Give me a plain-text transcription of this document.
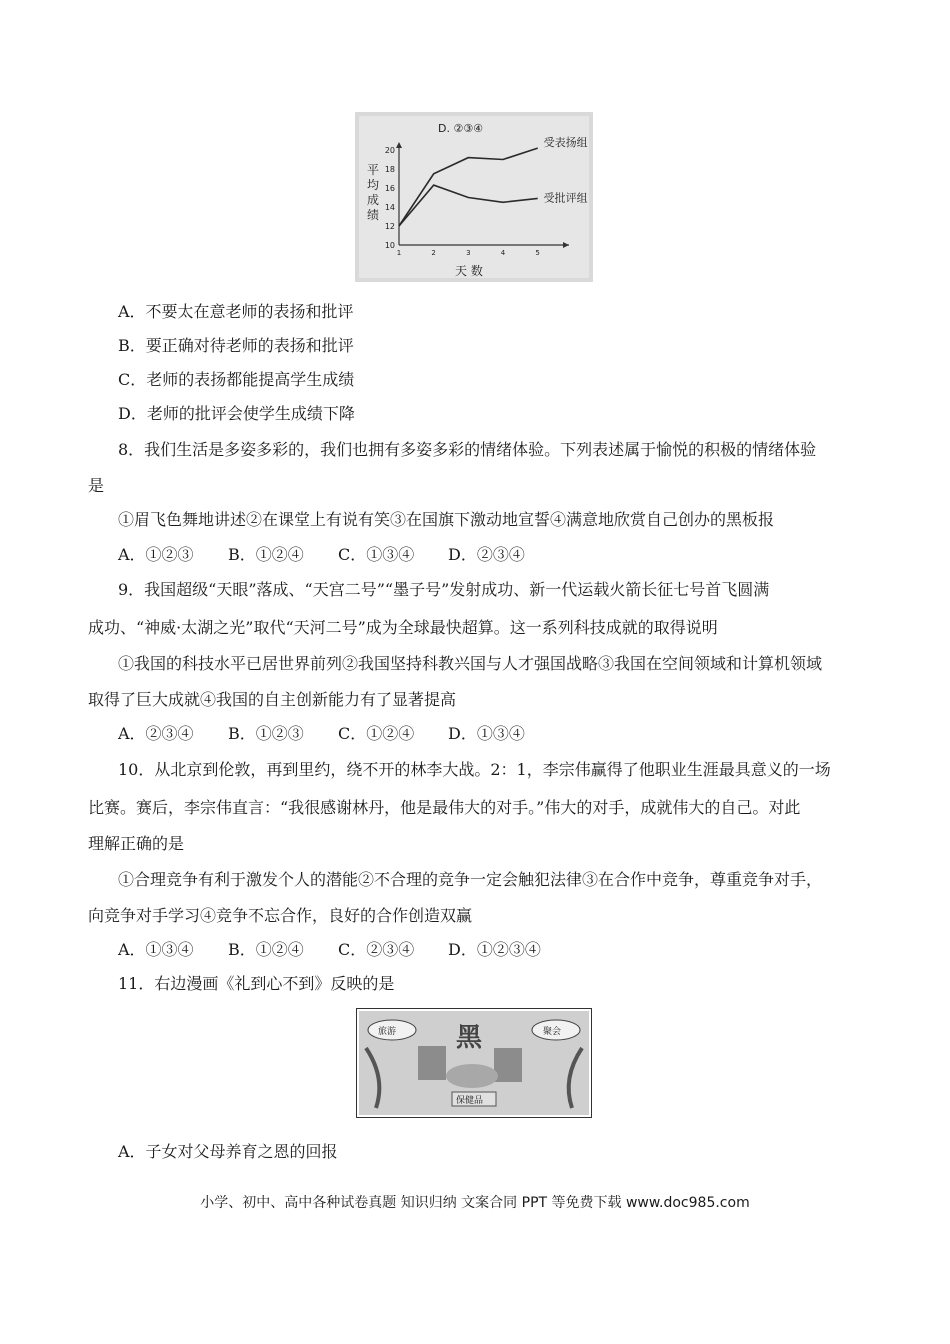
D. ②③④
平
均
成
绩
10
12
14
16
18
20
1	2	3	4	5
受表扬组
受批评组
天 数
A．不要太在意老师的表扬和批评
B．要正确对待老师的表扬和批评
C．老师的表扬都能提高学生成绩
D．老师的批评会使学生成绩下降
8．我们生活是多姿多彩的，我们也拥有多姿多彩的情绪体验。下列表述属于愉悦的积极的情绪体验
是
①眉飞色舞地讲述②在课堂上有说有笑③在国旗下激动地宣誓④满意地欣赏自己创办的黑板报
A．①②③ B．①②④ C．①③④ D．②③④
9．我国超级“天眼”落成、“天宫二号”“墨子号”发射成功、新一代运载火箭长征七号首飞圆满
成功、“神威·太湖之光”取代“天河二号”成为全球最快超算。这一系列科技成就的取得说明
①我国的科技水平已居世界前列②我国坚持科教兴国与人才强国战略③我国在空间领域和计算机领域
取得了巨大成就④我国的自主创新能力有了显著提高
A．②③④ B．①②③ C．①②④ D．①③④
10．从北京到伦敦，再到里约，绕不开的林李大战。2：1，李宗伟赢得了他职业生涯最具意义的一场
比赛。赛后，李宗伟直言：“我很感谢林丹，他是最伟大的对手。”伟大的对手，成就伟大的自己。对此
理解正确的是
①合理竞争有利于激发个人的潜能②不合理的竞争一定会触犯法律③在合作中竞争，尊重竞争对手，
向竞争对手学习④竞争不忘合作，良好的合作创造双赢
A．①③④ B．①②④ C．②③④ D．①②③④
11．右边漫画《礼到心不到》反映的是
旅游	聚会
黑
保健品
A．子女对父母养育之恩的回报
小学、初中、高中各种试卷真题 知识归纳 文案合同 PPT 等免费下载 www.doc985.com
